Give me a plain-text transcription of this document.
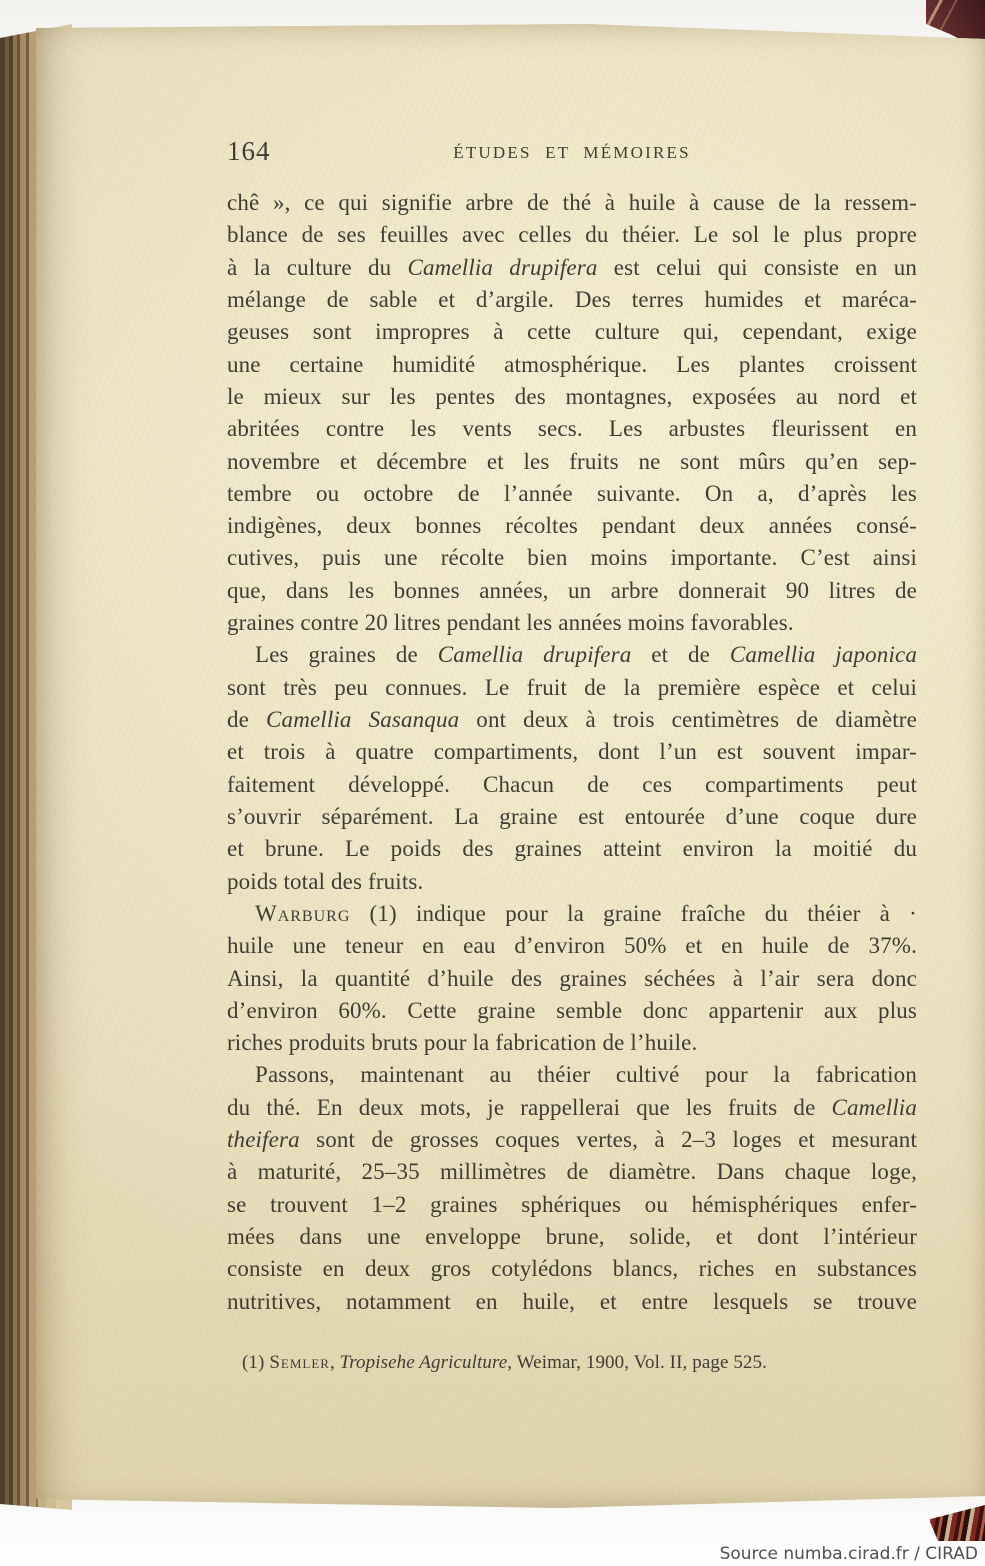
164	ÉTUDES ET MÉMOIRES
chê », ce qui signifie arbre de thé à huile à cause de la ressem-
blance de ses feuilles avec celles du théier. Le sol le plus propre
à la culture du Camellia drupifera est celui qui consiste en un
mélange de sable et d’argile. Des terres humides et maréca-
geuses sont impropres à cette culture qui, cependant, exige
une certaine humidité atmosphérique. Les plantes croissent
le mieux sur les pentes des montagnes, exposées au nord et
abritées contre les vents secs. Les arbustes fleurissent en
novembre et décembre et les fruits ne sont mûrs qu’en sep-
tembre ou octobre de l’année suivante. On a, d’après les
indigènes, deux bonnes récoltes pendant deux années consé-
cutives, puis une récolte bien moins importante. C’est ainsi
que, dans les bonnes années, un arbre donnerait 90 litres de
graines contre 20 litres pendant les années moins favorables.
Les graines de Camellia drupifera et de Camellia japonica
sont très peu connues. Le fruit de la première espèce et celui
de Camellia Sasanqua ont deux à trois centimètres de diamètre
et trois à quatre compartiments, dont l’un est souvent impar-
faitement développé. Chacun de ces compartiments peut
s’ouvrir séparément. La graine est entourée d’une coque dure
et brune. Le poids des graines atteint environ la moitié du
poids total des fruits.
Warburg (1) indique pour la graine fraîche du théier à ·
huile une teneur en eau d’environ 50% et en huile de 37%.
Ainsi, la quantité d’huile des graines séchées à l’air sera donc
d’environ 60%. Cette graine semble donc appartenir aux plus
riches produits bruts pour la fabrication de l’huile.
Passons, maintenant au théier cultivé pour la fabrication
du thé. En deux mots, je rappellerai que les fruits de Camellia
theifera sont de grosses coques vertes, à 2–3 loges et mesurant
à maturité, 25–35 millimètres de diamètre. Dans chaque loge,
se trouvent 1–2 graines sphériques ou hémisphériques enfer-
mées dans une enveloppe brune, solide, et dont l’intérieur
consiste en deux gros cotylédons blancs, riches en substances
nutritives, notamment en huile, et entre lesquels se trouve
(1) Semler, Tropisehe Agriculture, Weimar, 1900, Vol. II, page 525.
Source numba.cirad.fr / CIRAD
